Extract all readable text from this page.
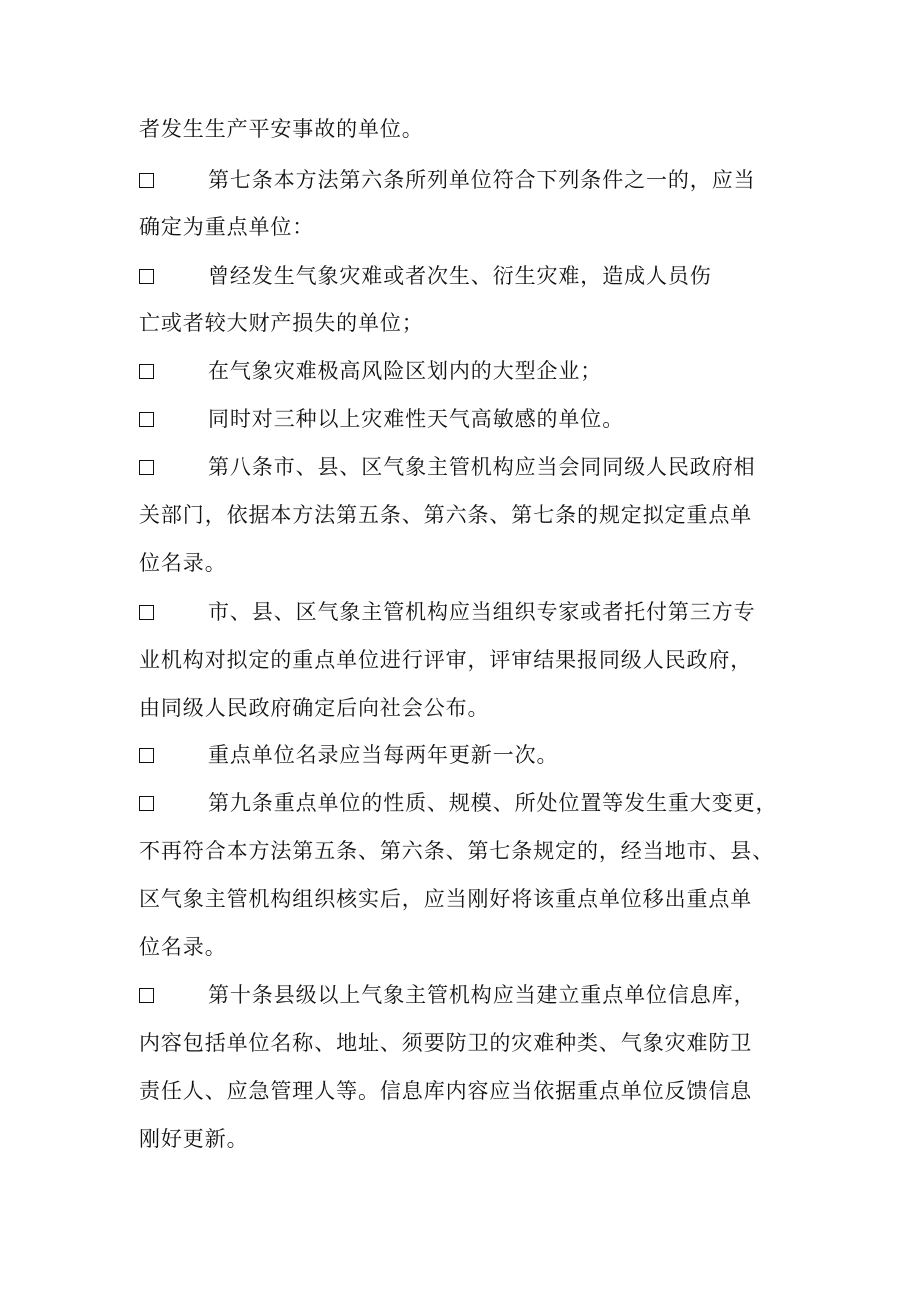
者发生生产平安事故的单位。
第七条本方法第六条所列单位符合下列条件之一的，应当
确定为重点单位：
曾经发生气象灾难或者次生、衍生灾难，造成人员伤
亡或者较大财产损失的单位；
在气象灾难极高风险区划内的大型企业；
同时对三种以上灾难性天气高敏感的单位。
第八条市、县、区气象主管机构应当会同同级人民政府相
关部门，依据本方法第五条、第六条、第七条的规定拟定重点单
位名录。
市、县、区气象主管机构应当组织专家或者托付第三方专
业机构对拟定的重点单位进行评审，评审结果报同级人民政府，
由同级人民政府确定后向社会公布。
重点单位名录应当每两年更新一次。
第九条重点单位的性质、规模、所处位置等发生重大变更，
不再符合本方法第五条、第六条、第七条规定的，经当地市、县、
区气象主管机构组织核实后，应当刚好将该重点单位移出重点单
位名录。
第十条县级以上气象主管机构应当建立重点单位信息库，
内容包括单位名称、地址、须要防卫的灾难种类、气象灾难防卫
责任人、应急管理人等。信息库内容应当依据重点单位反馈信息
刚好更新。
